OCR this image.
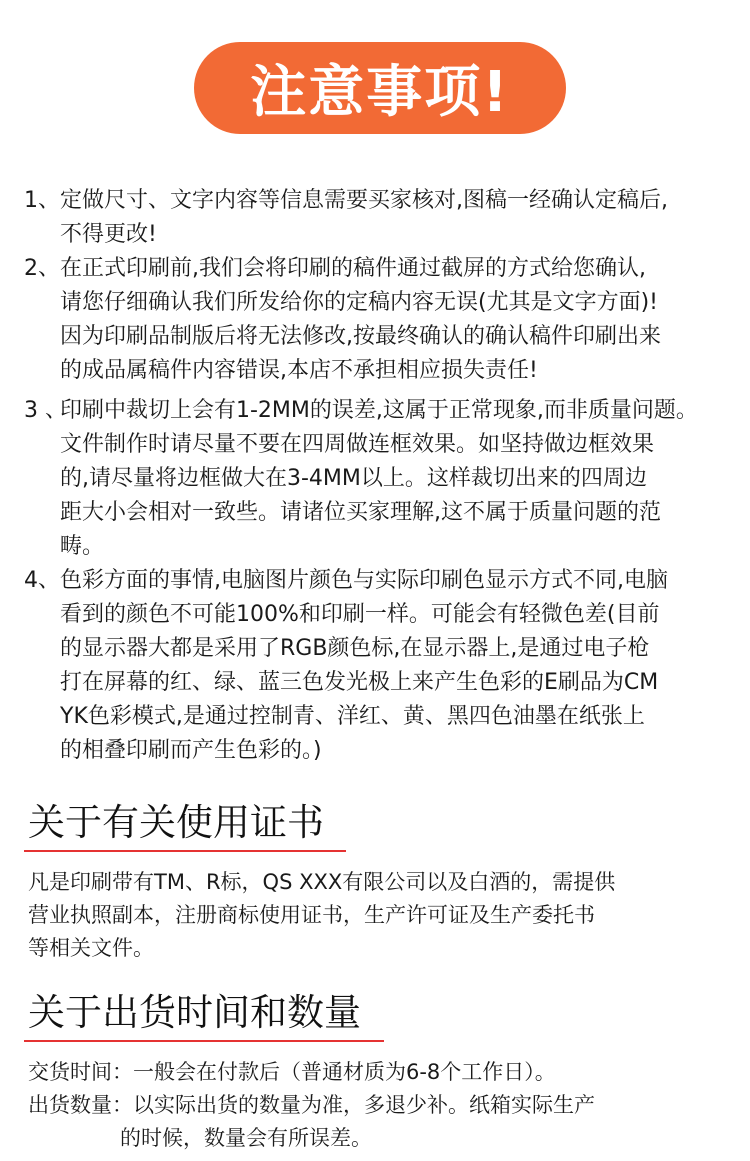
注意事项!
1、 定做尺寸、文字内容等信息需要买家核对,图稿一经确认定稿后,
不得更改!
2、 在正式印刷前,我们会将印刷的稿件通过截屏的方式给您确认,
请您仔细确认我们所发给你的定稿内容无误(尤其是文字方面)!
因为印刷品制版后将无法修改,按最终确认的确认稿件印刷出来
的成品属稿件内容错误,本店不承担相应损失责任!
3 、
印刷中裁切上会有1-2MM的误差,这属于正常现象,而非质量问题。
文件制作时请尽量不要在四周做连框效果。如坚持做边框效果
的,请尽量将边框做大在3-4MM以上。这样裁切出来的四周边
距大小会相对一致些。请诸位买家理解,这不属于质量问题的范
畴。
4、 色彩方面的事情,电脑图片颜色与实际印刷色显示方式不同,电脑
看到的颜色不可能100%和印刷一样。可能会有轻微色差(目前
的显示器大都是采用了RGB颜色标,在显示器上,是通过电子枪
打在屏幕的红、绿、蓝三色发光极上来产生色彩的E刷品为CM
YK色彩模式,是通过控制青、洋红、黄、黑四色油墨在纸张上
的相叠印刷而产生色彩的。)
关于有关使用证书
凡是印刷带有TM、R标，QS XXX有限公司以及白酒的，需提供
营业执照副本，注册商标使用证书，生产许可证及生产委托书
等相关文件。
关于出货时间和数量
交货时间：一般会在付款后（普通材质为6-8个工作日）。
出货数量：以实际出货的数量为准，多退少补。纸箱实际生产
的时候，数量会有所误差。
